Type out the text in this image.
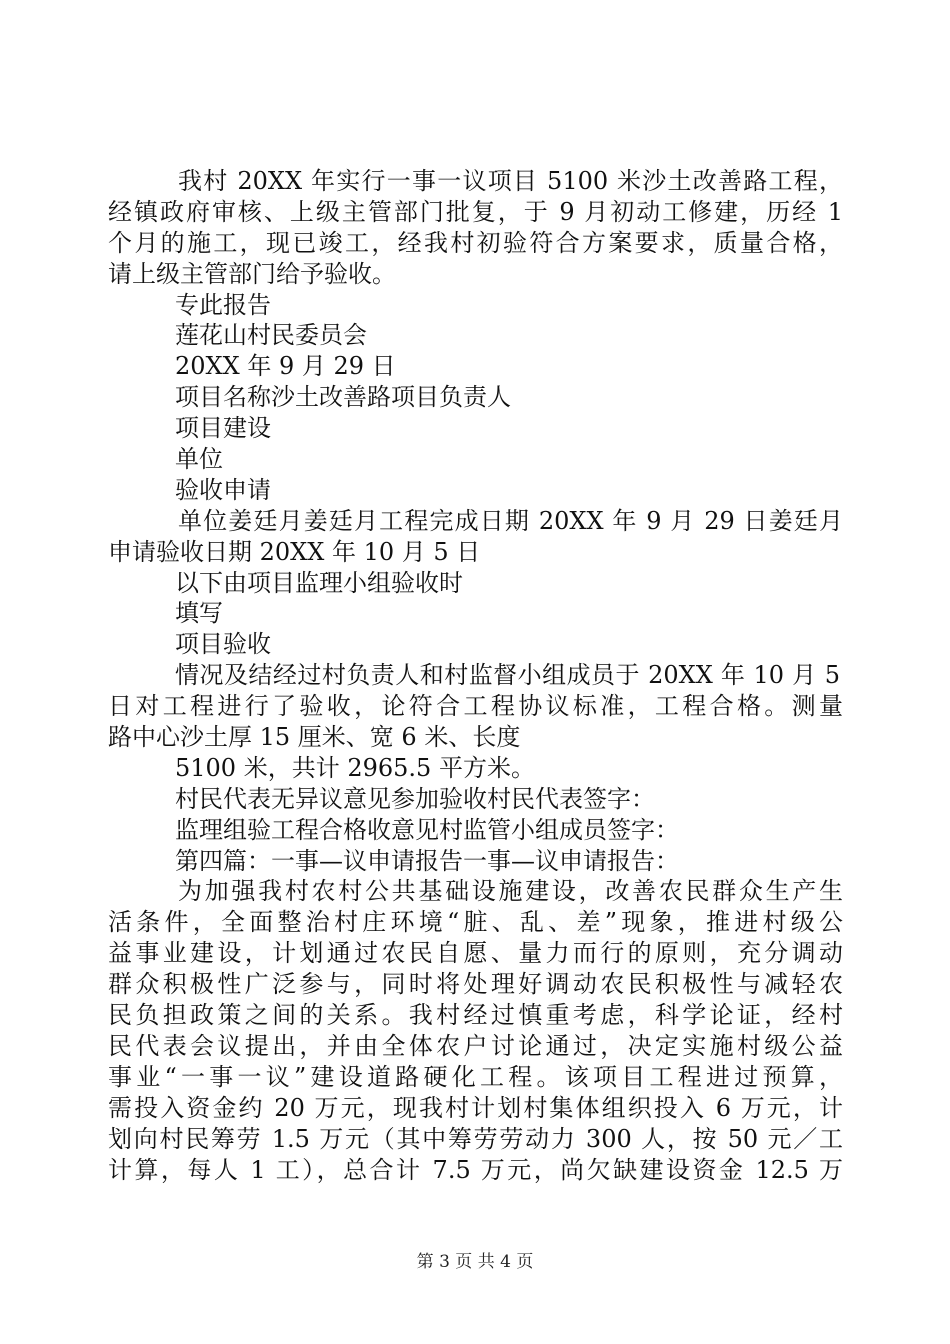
我村 20XX 年实行一事一议项目 5100 米沙土改善路工程，
经镇政府审核、上级主管部门批复，于 9 月初动工修建，历经 1
个月的施工，现已竣工，经我村初验符合方案要求，质量合格，
请上级主管部门给予验收。
专此报告
莲花山村民委员会
20XX 年 9 月 29 日
项目名称沙土改善路项目负责人
项目建设
单位
验收申请
单位姜廷月姜廷月工程完成日期 20XX 年 9 月 29 日姜廷月
申请验收日期 20XX 年 10 月 5 日
以下由项目监理小组验收时
填写
项目验收
情况及结经过村负责人和村监督小组成员于 20XX 年 10 月 5
日对工程进行了验收，论符合工程协议标准，工程合格。测量
路中心沙土厚 15 厘米、宽 6 米、长度
5100 米，共计 2965.5 平方米。
村民代表无异议意见参加验收村民代表签字：
监理组验工程合格收意见村监管小组成员签字：
第四篇：一事—议申请报告一事—议申请报告：
为加强我村农村公共基础设施建设，改善农民群众生产生
活条件，全面整治村庄环境“脏、乱、差”现象，推进村级公
益事业建设，计划通过农民自愿、量力而行的原则，充分调动
群众积极性广泛参与，同时将处理好调动农民积极性与减轻农
民负担政策之间的关系。我村经过慎重考虑，科学论证，经村
民代表会议提出，并由全体农户讨论通过，决定实施村级公益
事业“一事一议”建设道路硬化工程。该项目工程进过预算，
需投入资金约 20 万元，现我村计划村集体组织投入 6 万元，计
划向村民筹劳 1.5 万元（其中筹劳劳动力 300 人，按 50 元／工
计算，每人 1 工），总合计 7.5 万元，尚欠缺建设资金 12.5 万
第 3 页 共 4 页
